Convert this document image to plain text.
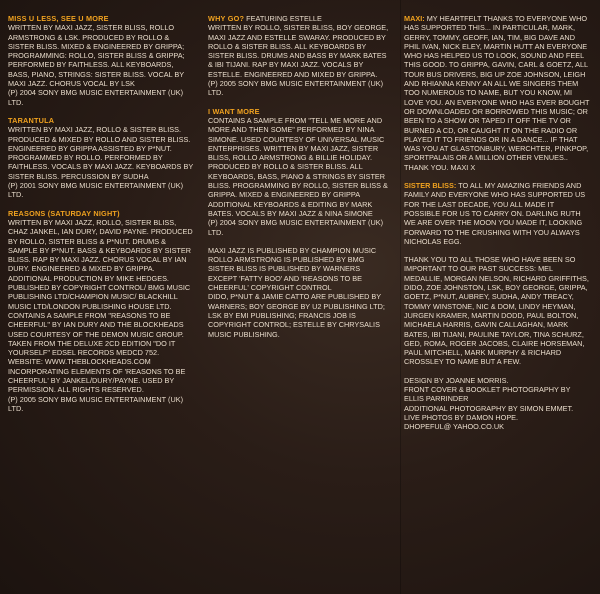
MISS U LESS, SEE U MORE

WRITTEN BY MAXI JAZZ, SISTER BLISS, ROLLO ARMSTRONG & LSK. PRODUCED BY ROLLO & SISTER BLISS. MIXED & ENGINEERED BY GRIPPA; PROGRAMMING: ROLLO, SISTER BLISS & GRIPPA; PERFORMED BY FAITHLESS. ALL KEYBOARDS, BASS, PIANO, STRINGS: SISTER BLISS. VOCAL BY MAXI JAZZ. CHORUS VOCAL BY LSK

(P) 2004 SONY BMG MUSIC ENTERTAINMENT (UK) LTD.

TARANTULA

WRITTEN BY MAXI JAZZ, ROLLO & SISTER BLISS. PRODUCED & MIXED BY ROLLO AND SISTER BLISS. ENGINEERED BY GRIPPA ASSISTED BY P*NUT. PROGRAMMED BY ROLLO. PERFORMED BY FAITHLESS. VOCALS BY MAXI JAZZ. KEYBOARDS BY SISTER BLISS. PERCUSSION BY SUDHA

(P) 2001 SONY BMG MUSIC ENTERTAINMENT (UK) LTD.

REASONS (SATURDAY NIGHT)

WRITTEN BY MAXI JAZZ, ROLLO, SISTER BLISS, CHAZ JANKEL, IAN DURY, DAVID PAYNE. PRODUCED BY ROLLO, SISTER BLISS & P*NUT. DRUMS & SAMPLE BY P*NUT. BASS & KEYBOARDS BY SISTER BLISS. RAP BY MAXI JAZZ. CHORUS VOCAL BY IAN DURY. ENGINEERED & MIXED BY GRIPPA. ADDITIONAL PRODUCTION BY MIKE HEDGES. PUBLISHED BY COPYRIGHT CONTROL/ BMG MUSIC PUBLISHING LTD/CHAMPION MUSIC/ BLACKHILL MUSIC LTD/LONDON PUBLISHING HOUSE LTD. CONTAINS A SAMPLE FROM "REASONS TO BE CHEERFUL" BY IAN DURY AND THE BLOCKHEADS USED COURTESY OF THE DEMON MUSIC GROUP. TAKEN FROM THE DELUXE 2CD EDITION "DO IT YOURSELF" EDSEL RECORDS MEDCD 752. WEBSITE: WWW.THEBLOCKHEADS.COM INCORPORATING ELEMENTS OF 'REASONS TO BE CHEERFUL' BY JANKEL/DURY/PAYNE. USED BY PERMISSION. ALL RIGHTS RESERVED.

(P) 2005 SONY BMG MUSIC ENTERTAINMENT (UK) LTD.

WHY GO? FEATURING ESTELLE

WRITTEN BY ROLLO, SISTER BLISS, BOY GEORGE, MAXI JAZZ AND ESTELLE SWARAY. PRODUCED BY ROLLO & SISTER BLISS. ALL KEYBOARDS BY SISTER BLISS. DRUMS AND BASS BY MARK BATES & IBI TIJANI. RAP BY MAXI JAZZ. VOCALS BY ESTELLE. ENGINEERED AND MIXED BY GRIPPA.

(P) 2005 SONY BMG MUSIC ENTERTAINMENT (UK) LTD.

I WANT MORE

CONTAINS A SAMPLE FROM "TELL ME MORE AND MORE AND THEN SOME" PERFORMED BY NINA SIMONE. USED COURTESY OF UNIVERSAL MUSIC ENTERPRISES. WRITTEN BY MAXI JAZZ, SISTER BLISS, ROLLO ARMSTRONG & BILLIE HOLIDAY. PRODUCED BY ROLLO & SISTER BLISS. ALL KEYBOARDS, BASS, PIANO & STRINGS BY SISTER BLISS. PROGRAMMING BY ROLLO, SISTER BLISS & GRIPPA. MIXED & ENGINEERED BY GRIPPA ADDITIONAL KEYBOARDS & EDITING BY MARK BATES. VOCALS BY MAXI JAZZ & NINA SIMONE

(P) 2004 SONY BMG MUSIC ENTERTAINMENT (UK) LTD.

MAXI JAZZ IS PUBLISHED BY CHAMPION MUSIC ROLLO ARMSTRONG IS PUBLISHED BY BMG SISTER BLISS IS PUBLISHED BY WARNERS EXCEPT 'FATTY BOO' AND 'REASONS TO BE CHEERFUL' COPYRIGHT CONTROL

DIDO, P*NUT & JAMIE CATTO ARE PUBLISHED BY WARNERS; BOY GEORGE BY U2 PUBLISHING LTD; LSK BY EMI PUBLISHING; FRANCIS JOB IS COPYRIGHT CONTROL; ESTELLE BY CHRYSALIS MUSIC PUBLISHING.

MAXI: MY HEARTFELT THANKS TO EVERYONE WHO HAS SUPPORTED THIS... IN PARTICULAR, MARK, GERRY, TOMMY, GEOFF, IAN, TIM, BIG DAVE AND PHIL IVAN, NICK ELEY, MARTIN HUTT AN EVERYONE WHO HAS HELPED US TO LOOK, SOUND AND FEEL THIS GOOD. TO GRIPPA, GAVIN, CARL & GOETZ, ALL TOUR BUS DRIVERS, BIG UP ZOE JOHNSON, LEIGH AND RHIANNA KENNY AN ALL WE SINGERS THEM TOO NUMEROUS TO NAME, BUT YOU KNOW, MI LOVE YOU. AN EVERYONE WHO HAS EVER BOUGHT OR DOWNLOADED OR BORROWED THIS MUSIC; OR BEEN TO A SHOW OR TAPED IT OFF THE TV OR BURNED A CD, OR CAUGHT IT ON THE RADIO OR PLAYED IT TO FRIENDS OR IN A DANCE... IF THAT WAS YOU AT GLASTONBURY, WERCHTER, PINKPOP, SPORTPALAIS OR A MILLION OTHER VENUES.. THANK YOU. MAXI X

SISTER BLISS: TO ALL MY AMAZING FRIENDS AND FAMILY AND EVERYONE WHO HAS SUPPORTED US FOR THE LAST DECADE, YOU ALL MADE IT POSSIBLE FOR US TO CARRY ON. DARLING RUTH WE ARE OVER THE MOON YOU MADE IT, LOOKING FORWARD TO THE CRUSHING WITH YOU ALWAYS NICHOLAS EGG.

THANK YOU TO ALL THOSE WHO HAVE BEEN SO IMPORTANT TO OUR PAST SUCCESS: MEL MEDALLIE, MORGAN NELSON, RICHARD GRIFFITHS, DIDO, ZOE JOHNSTON, LSK, BOY GEORGE, GRIPPA, GOETZ, P*NUT, AUBREY, SUDHA, ANDY TREACY, TOMMY WINSTONE, NIC & DOM, LINDY HEYMAN, JURGEN KRAMER, MARTIN DODD, PAUL BOLTON, MICHAELA HARRIS, GAVIN CALLAGHAN, MARK BATES, IBI TIJANI, PAULINE TAYLOR, TINA SCHURZ, GED, ROMA, ROGER JACOBS, CLAIRE HORSEMAN, PAUL MITCHELL, MARK MURPHY & RICHARD CROSSLEY TO NAME BUT A FEW.

DESIGN BY JOANNE MORRIS.

FRONT COVER & BOOKLET PHOTOGRAPHY BY ELLIS PARRINDER

ADDITIONAL PHOTOGRAPHY BY SIMON EMMET.

LIVE PHOTOS BY DAMON HOPE.

DHOPEFUL@ YAHOO.CO.UK
